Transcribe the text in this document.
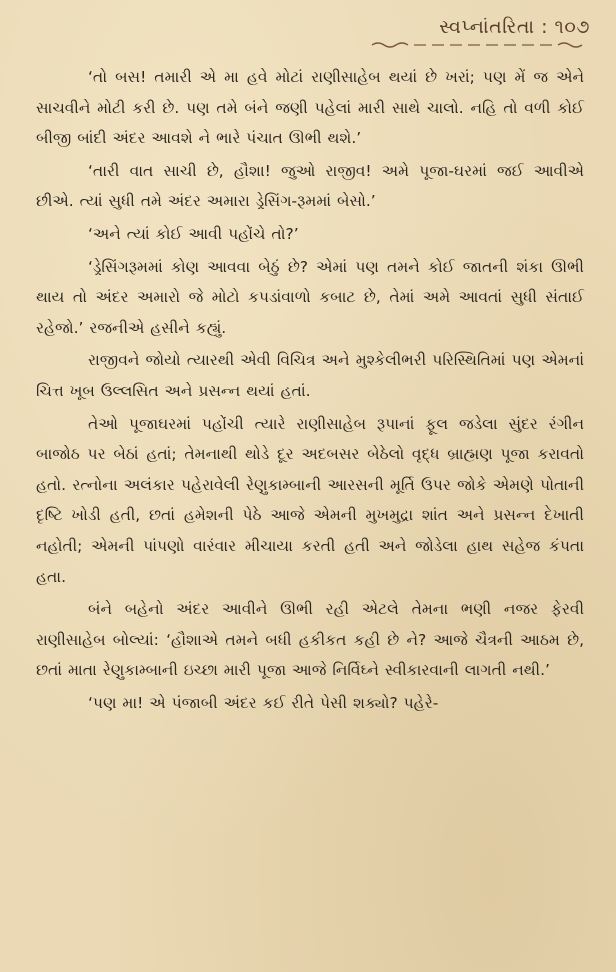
સ્વપ્નાંતરિતા : ૧૦૭

‘તો બસ! તમારી એ મા હવે મોટાં રાણીસાહેબ થયાં છે ખરાં; પણ મેં જ એને સાચવીને મોટી કરી છે. પણ તમે બંને જણી પહેલાં મારી સાથે ચાલો. નહિ તો વળી કોઈ બીજી બાંદી અંદર આવશે ને ભારે પંચાત ઊભી થશે.’

‘તારી વાત સાચી છે, હૌશા! જુઓ રાજીવ! અમે પૂજા-ઘરમાં જઈ આવીએ છીએ. ત્યાં સુધી તમે અંદર અમારા ડ્રેસિંગ-રૂમમાં બેસો.’

‘અને ત્યાં કોઈ આવી પહોંચે તો?’

‘ડ્રેસિંગરૂમમાં કોણ આવવા બેઠું છે? એમાં પણ તમને કોઈ જાતની શંકા ઊભી થાય તો અંદર અમારો જે મોટો કપડાંવાળો કબાટ છે, તેમાં અમે આવતાં સુધી સંતાઈ રહેજો.’ રજનીએ હસીને કહ્યું.

રાજીવને જોયો ત્યારથી એવી વિચિત્ર અને મુશ્કેલીભરી પરિસ્થિતિમાં પણ એમનાં ચિત્ત ખૂબ ઉલ્લસિત અને પ્રસન્ન થયાં હતાં.

તેઓ પૂજાઘરમાં પહોંચી ત્યારે રાણીસાહેબ રૂપાનાં ફૂલ જડેલા સુંદર રંગીન બાજોઠ પર બેઠાં હતાં; તેમનાથી થોડે દૂર અદબસર બેઠેલો વૃદ્ધ બ્રાહ્મણ પૂજા કરાવતો હતો. રત્નોના અલંકાર પહેરાવેલી રેણુકામ્બાની આરસની મૂર્તિ ઉપર જોકે એમણે પોતાની દૃષ્ટિ ખોડી હતી, છતાં હમેશની પેઠે આજે એમની મુખમુદ્રા શાંત અને પ્રસન્ન દેખાતી નહોતી; એમની પાંપણો વારંવાર મીચાયા કરતી હતી અને જોડેલા હાથ સહેજ કંપતા હતા.

બંને બહેનો અંદર આવીને ઊભી રહી એટલે તેમના ભણી નજર ફેરવી રાણીસાહેબ બોલ્યાં: ‘હૌશાએ તમને બધી હકીકત કહી છે ને? આજે ચૈત્રની આઠમ છે, છતાં માતા રેણુકામ્બાની ઇચ્છા મારી પૂજા આજે નિર્વિઘ્ને સ્વીકારવાની લાગતી નથી.’

‘પણ મા! એ પંજાબી અંદર કઈ રીતે પેસી શક્યો? પહેરે-
